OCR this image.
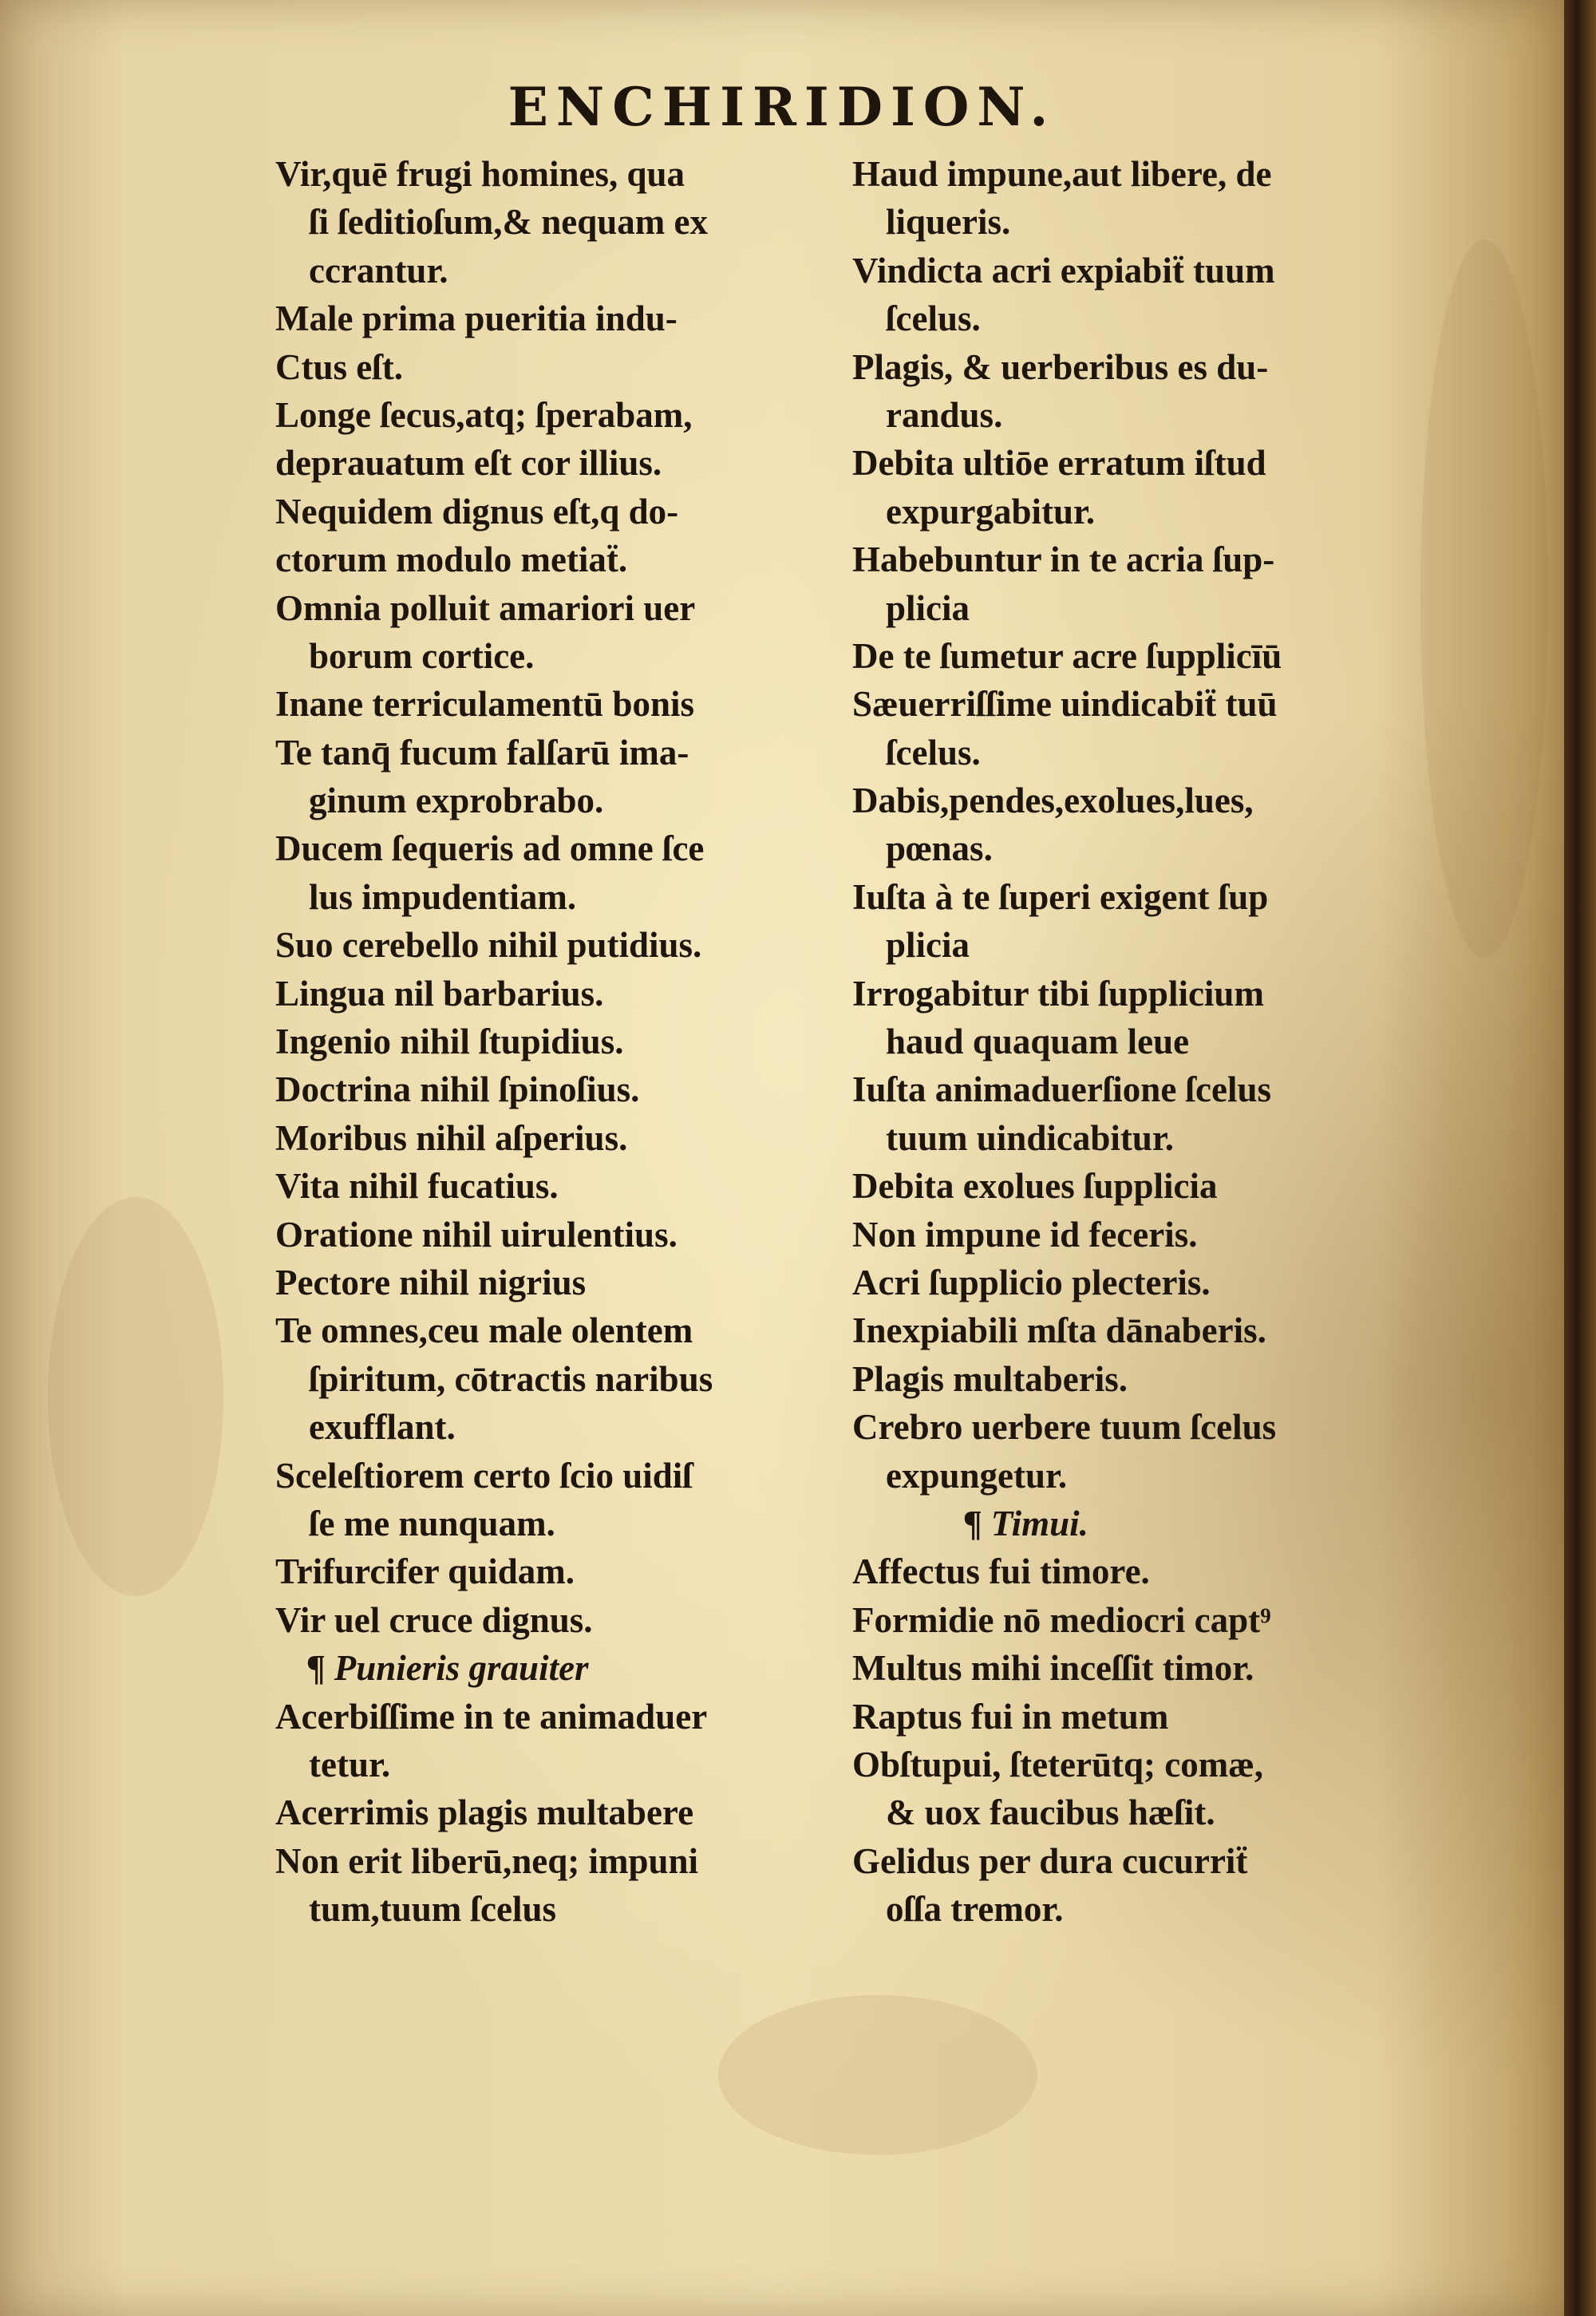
ENCHIRIDION.
Vir,quē frugi homines, qua
ſi ſeditioſum,& nequam ex
ccrantur.
Male prima pueritia indu-
Ctus eſt.
Longe ſecus,atq; ſperabam,
deprauatum eſt cor illius.
Nequidem dignus eſt,q do-
ctorum modulo metiaẗ.
Omnia polluit amariori uer
borum cortice.
Inane terriculamentū bonis
Te tanq̄ fucum falſarū ima-
ginum exprobrabo.
Ducem ſequeris ad omne ſce
lus impudentiam.
Suo cerebello nihil putidius.
Lingua nil barbarius.
Ingenio nihil ſtupidius.
Doctrina nihil ſpinoſius.
Moribus nihil aſperius.
Vita nihil fucatius.
Oratione nihil uirulentius.
Pectore nihil nigrius
Te omnes,ceu male olentem
ſpiritum, cōtractis naribus
exufflant.
Sceleſtiorem certo ſcio uidiſ
ſe me nunquam.
Trifurcifer quidam.
Vir uel cruce dignus.
¶ Punieris grauiter
Acerbiſſime in te animaduer
tetur.
Acerrimis plagis multabere
Non erit liberū,neq; impuni
tum,tuum ſcelus
Haud impune,aut libere, de
liqueris.
Vindicta acri expiabiẗ tuum
ſcelus.
Plagis, & uerberibus es du-
randus.
Debita ultiōe erratum iſtud
expurgabitur.
Habebuntur in te acria ſup-
plicia
De te ſumetur acre ſupplicīū
Sæuerriſſime uindicabiẗ tuū
ſcelus.
Dabis,pendes,exolues,lues,
pœnas.
Iuſta à te ſuperi exigent ſup
plicia
Irrogabitur tibi ſupplicium
haud quaquam leue
Iuſta animaduerſione ſcelus
tuum uindicabitur.
Debita exolues ſupplicia
Non impune id feceris.
Acri ſupplicio plecteris.
Inexpiabili mſta dānaberis.
Plagis multaberis.
Crebro uerbere tuum ſcelus
expungetur.
¶ Timui.
Affectus fui timore.
Formidie nō mediocri capt⁹
Multus mihi inceſſit timor.
Raptus fui in metum
Obſtupui, ſteterūtq; comæ,
& uox faucibus hæſit.
Gelidus per dura cucurriẗ
oſſa tremor.
